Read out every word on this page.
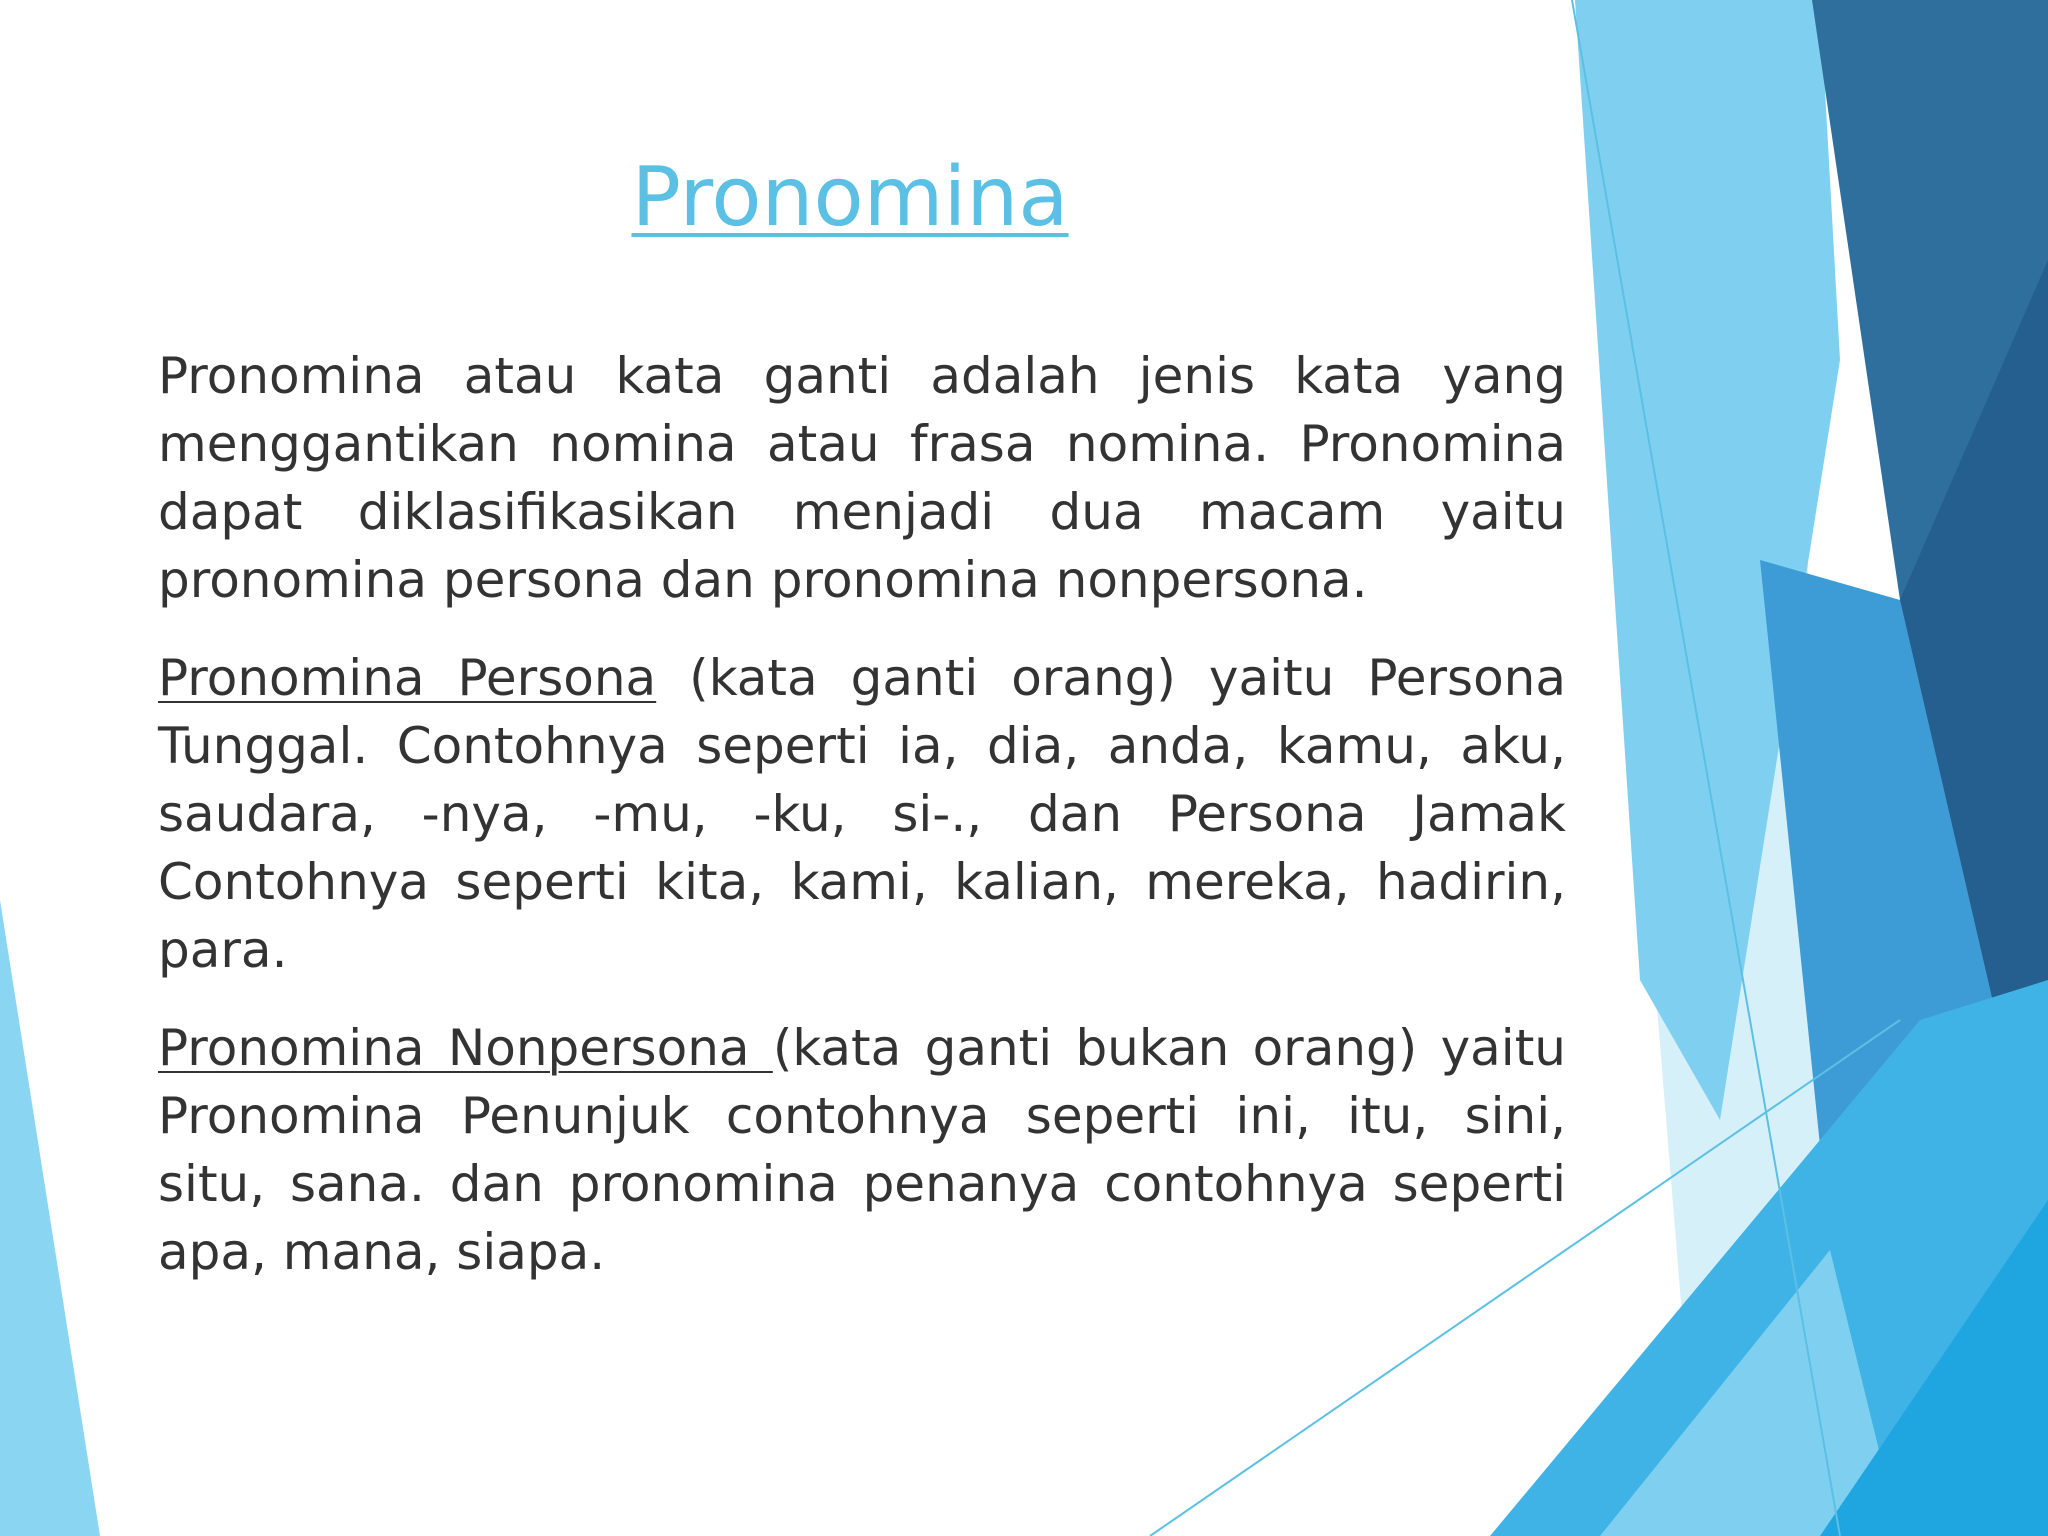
Pronomina

Pronomina atau kata ganti adalah jenis kata yang menggantikan nomina atau frasa nomina. Pronomina dapat diklasifikasikan menjadi dua macam yaitu pronomina persona dan pronomina nonpersona.

Pronomina Persona (kata ganti orang) yaitu Persona Tunggal. Contohnya seperti ia, dia, anda, kamu, aku, saudara, -nya, -mu, -ku, si-., dan Persona Jamak Contohnya seperti kita, kami, kalian, mereka, hadirin, para.

Pronomina Nonpersona (kata ganti bukan orang) yaitu Pronomina Penunjuk contohnya seperti ini, itu, sini, situ, sana. dan pronomina penanya contohnya seperti apa, mana, siapa.
